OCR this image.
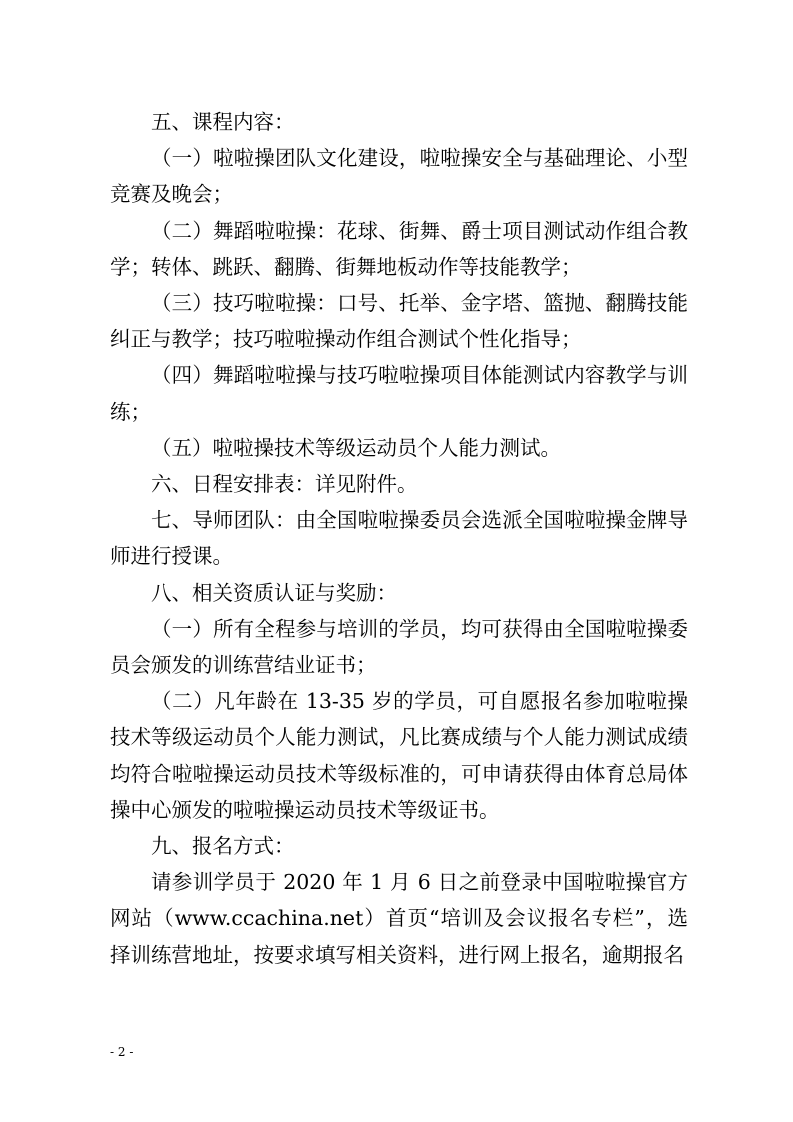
五、课程内容：

（一）啦啦操团队文化建设，啦啦操安全与基础理论、小型竞赛及晚会；

（二）舞蹈啦啦操：花球、街舞、爵士项目测试动作组合教学；转体、跳跃、翻腾、街舞地板动作等技能教学；

（三）技巧啦啦操：口号、托举、金字塔、篮抛、翻腾技能纠正与教学；技巧啦啦操动作组合测试个性化指导；

（四）舞蹈啦啦操与技巧啦啦操项目体能测试内容教学与训练；

（五）啦啦操技术等级运动员个人能力测试。

六、日程安排表：详见附件。

七、导师团队：由全国啦啦操委员会选派全国啦啦操金牌导师进行授课。

八、相关资质认证与奖励：

（一）所有全程参与培训的学员，均可获得由全国啦啦操委员会颁发的训练营结业证书；

（二）凡年龄在 13-35 岁的学员，可自愿报名参加啦啦操技术等级运动员个人能力测试，凡比赛成绩与个人能力测试成绩均符合啦啦操运动员技术等级标准的，可申请获得由体育总局体操中心颁发的啦啦操运动员技术等级证书。

九、报名方式：

请参训学员于 2020 年 1 月 6 日之前登录中国啦啦操官方网站（www.ccachina.net）首页“培训及会议报名专栏”，选择训练营地址，按要求填写相关资料，进行网上报名，逾期报名

- 2 -
